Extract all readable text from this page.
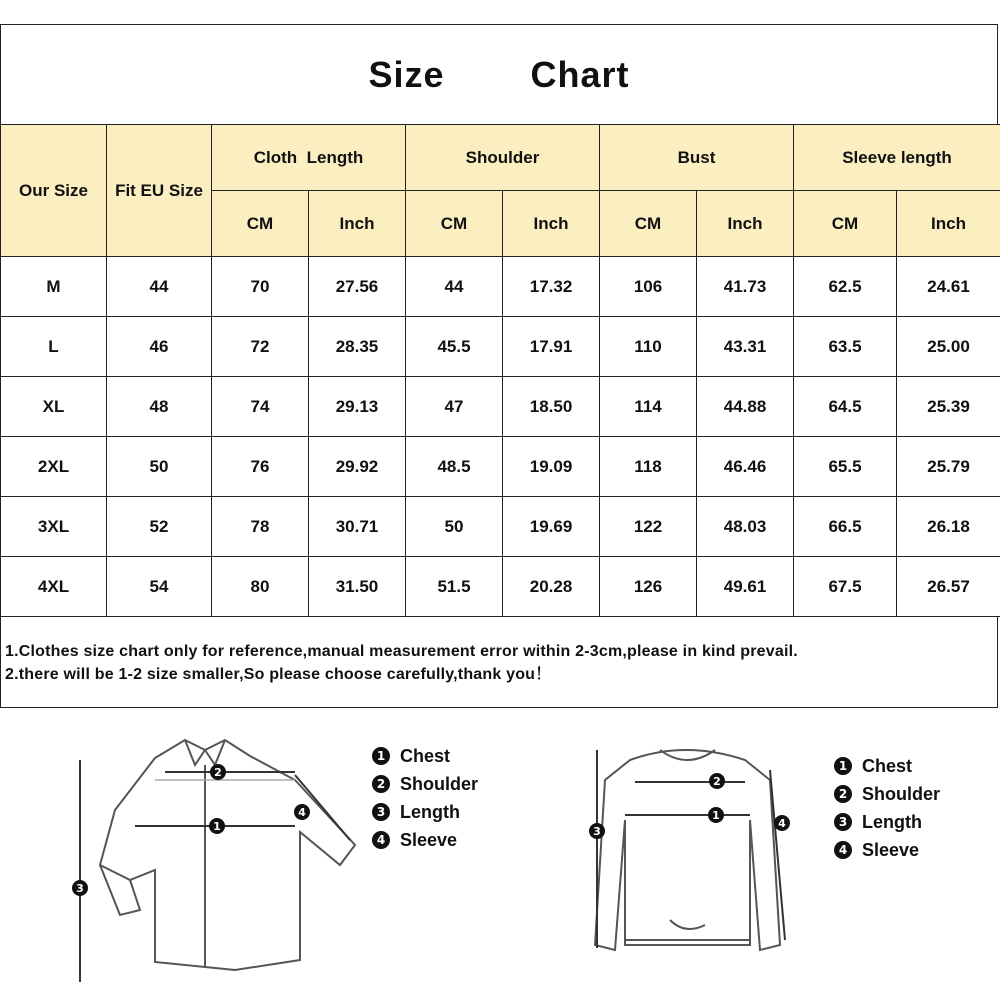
Size Chart
Our Size	Fit EU Size	Cloth  Length		Shoulder		Bust		Sleeve length	
		CM	Inch	CM	Inch	CM	Inch	CM	Inch
M	44	70	27.56	44	17.32	106	41.73	62.5	24.61
L	46	72	28.35	45.5	17.91	110	43.31	63.5	25.00
XL	48	74	29.13	47	18.50	114	44.88	64.5	25.39
2XL	50	76	29.92	48.5	19.09	118	46.46	65.5	25.79
3XL	52	78	30.71	50	19.69	122	48.03	66.5	26.18
4XL	54	80	31.50	51.5	20.28	126	49.61	67.5	26.57
1.Clothes size chart only for reference,manual measurement error within 2-3cm,please in kind prevail.
2.there will be 1-2 size smaller,So please choose carefully,thank you！
1
2
3
4
1 Chest
2 Shoulder
3 Length
4 Sleeve
1
2
3
4
1 Chest
2 Shoulder
3 Length
4 Sleeve
